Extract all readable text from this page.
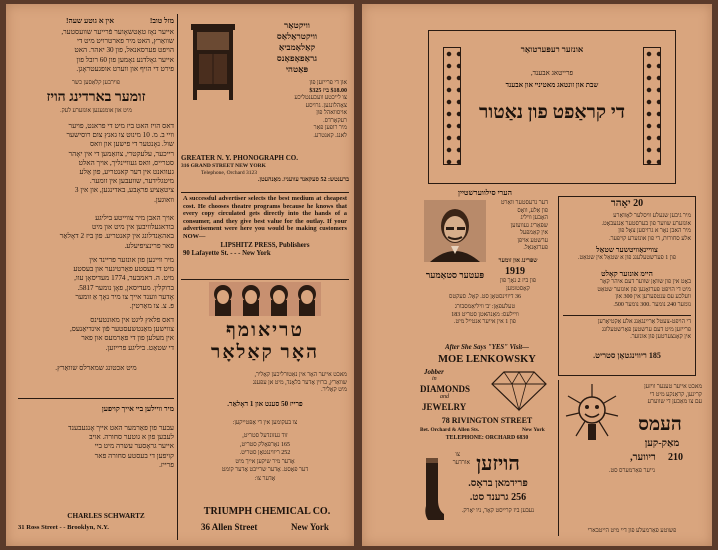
וויקטאָר
וויקטראָלאַס
קאַלאָמביאַ
גראַפאָפאָנס
פּאַטהי
און די פרייזען פון
$18.00 ביז $325
צו לייכטע וועכענטליכע
צאָהלונגען. גרויסע
אויסוואהל פון
רעקאָרדס.
מיר רופען פאַר
לאנג. קאנטרע.
GREATER N. Y. PHONOGRAPH CO.
316 GRAND STREET NEW YORK
Telephone, Orchard 3123
ברענטש: 52 סעקאנד עוועניו. מאַנהעטן.
A successful advertiser selects the best medium at cheapest cost. He chooses theatre programs because he knows that every copy circulated gets directly into the hands of a consumer, and they give best value for the outlay. If your advertisement were here you would be making customers NOW—
LIPSHITZ PRESS, Publishers
90 Lafayette St. - - - New York
טריאומף
האָר קאַלאָר
מאכט אייער האָר אין נאַטורליכען קאָליר,
שוואַרץ, ברוין אָדער בלאָנד, מיט אן עפענג
מיט קאָליר.
פרייז 50 סענט און 1 דאָלאַר.
צו בעקומען אין די אַפּטייקען:
זוד געזונדעל סטריט,
165 נאָרפאָלק סטריט,
252 ריווינגטאָן סטריט.
אָדער מיר שיקען אייך מיט
דער פאָסט. אָדער שרייבט אָדער קומט
אָדער צו:
TRIUMPH CHEMICAL CO.
36 Allen Street	New York
מזל טוב!
אין א גוטע שעה!
אייער נאָז טאַטשאָוער פֿרייער שוועסטער,
שוואַרץ, האט מיר פארטרויט מיט די
הויפט פערסאנאל, פון 30 יאהר. האט
אייער גאָלדנע נאָמען פון 60 רובל פון
פירט די הויף און ווערט אופגעטראָגן.
פוירבען קלאַסען כשר
זומער בארדינג הויז
מיט און אומגעגען אונזערע לעק.
דאס הויז האט ביז מיט די פראנט, פויער
וויי ב. מ. 10 מינוט צו גאנץ צום רוסישער
שול. נאָנטער די פישען און וואס
רייכער, עלעקטרי, צוזאַמען די אין יאָהר
סטרייס, וואס געוויינליך, אויך האלט
געוואנט אין דער קאנטריע, פון אַלע
מיטגלידער, שוועבען אין זומער.
ציטאַציע פראָבע, באדינגען, און אין 3
וואוגען.
אויך האבן מיר צווייטע ביליגע
בודאגעלוויבען אין מיט און מיט
באהאַנדלונג אין קאנטריע. פון ביז 2 דאָלאַר
פאר פרינציפיעלע.
מיר וויינען פון אונזער פריינד אין
מיט די בעסטע פאַרטיגער און בעסטע
מיט. ה. דאמבער, 1774 מעדיסאָן עוו,
ברוקלין. מעדיסאן, פאָן נומער 5817.
אָדער ווענד אייך צו מיר נאָך אַ זומער
פּ. צ. צו מאַרטין.
דאס פלאץ ליגט אין מאונטעינס
צווישען מאַנטשעסטער פֿון אינדיאַנעס,
אין מעלען פון די פאַרמעס און פאר
די שטאַט. ביליגע פרייזען.
מיט אכטונג שמארלס שוואַרץ.
מיר וויילען ביי אייך קויפען
עבער פון פאַרמער האט אייך אָנגעבענד
לעבען פון א גוטער סחורה. אויב
אייער גראָסער עשרה מיט ביי
קויפען די בעסטע סחורה פאר
פרייז.
CHARLES SCHWARTZ
31 Ross Street - - Brooklyn, N.Y.
אונזער רעפּערטואַר
פרייטאג אבענד,
שבת און זונטאג מאטיניי און אבענד
די קראַפט פון נאַטור
הערי סילווערשטיין
דער גרעסטער וואַרט
פון אַלע, וואָס
האָבען וויליג
שפּאַריג געוועזען
אין קאַמפעל
ערשטע אויפן
פערזאָנאַל.
שפּרינג און זומער
1919
פון ביז 2 נאָך פון
קאָסטומען
פּעטער סטאַמער
36 דיווינסטאָן סט. קאָל. סעקטס
טעלעפאָן: 'ב' וויליאַמסבורג
וויילעס: מאַנהאטן סטריט 183
פון 1 אין אייער אנטייל מיט.
20 יאָהר
מיר גיבען שנעלע וויסלער לאָוואַרע
אונזערע שווער פון בערסטער אַנגעבאָט.
מיר האבן נאָר א גרויסען צאָל פון
אלע סחורות, די פון אונזערע קויפער.
צוויינאַוויטשער שטאַל
פון 1 פערשטעלענג פון א שטאַל אין שטאַט.
היימ אונזער קאָלט
באָט אין פון שוואָן שווער דעם איהר קאָר
מיט די הויפּט פּערזאָנען פון אונזער שטאַט
וועלכע עס ענטפערען אין 300 און
נומער 240 נומער .300 נומער 500.
די הויפט-צעטל אַריינגאַנג אלע אַקטיאָרען
פרייזען מיט דעם ערשטען פאָרשטעלונג
אין קאָנצערטען פון אונזער.
185 ריווינגטאָן סטריט.
After She Says "YES" Visit—
MOE LENKOWSKY
Jobber
in
DIAMONDS
and
JEWELRY
78 RIVINGTON STREET
Bet. Orchard & Allen Sts.	New York
TELEPHONE: ORCHARD 6830
צו
אורדער הויזען
פּרידמאן בראָס.
256 גרענד סט.
נעבען ביז קרייסט קאָר, ניו יאָרק.
מאכט אייער טענער וויזען
קריגען, קראַנקע מיט די
עם צו מאַכען די שווערע
העמס
מאַק-קען
ריווער,	210
נייער פאַרמערס סט.
פשוטע פאַרמעלע פון דיי מיט הייטבארי
